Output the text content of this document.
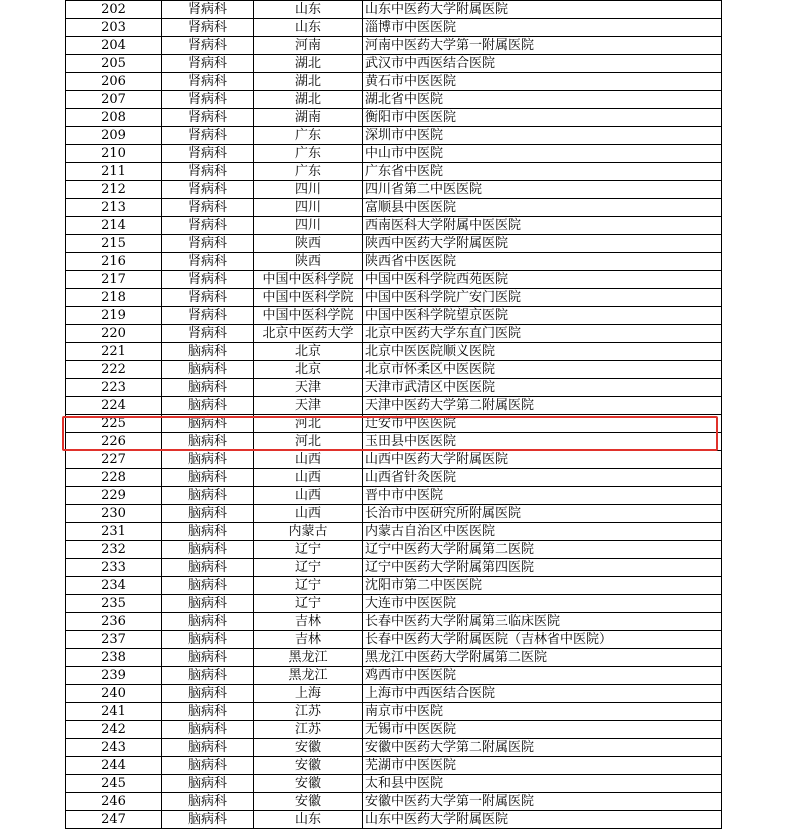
202	肾病科	山东	山东中医药大学附属医院
203	肾病科	山东	淄博市中医医院
204	肾病科	河南	河南中医药大学第一附属医院
205	肾病科	湖北	武汉市中西医结合医院
206	肾病科	湖北	黄石市中医医院
207	肾病科	湖北	湖北省中医院
208	肾病科	湖南	衡阳市中医医院
209	肾病科	广东	深圳市中医院
210	肾病科	广东	中山市中医院
211	肾病科	广东	广东省中医院
212	肾病科	四川	四川省第二中医医院
213	肾病科	四川	富顺县中医医院
214	肾病科	四川	西南医科大学附属中医医院
215	肾病科	陕西	陕西中医药大学附属医院
216	肾病科	陕西	陕西省中医医院
217	肾病科	中国中医科学院	中国中医科学院西苑医院
218	肾病科	中国中医科学院	中国中医科学院广安门医院
219	肾病科	中国中医科学院	中国中医科学院望京医院
220	肾病科	北京中医药大学	北京中医药大学东直门医院
221	脑病科	北京	北京中医医院顺义医院
222	脑病科	北京	北京市怀柔区中医医院
223	脑病科	天津	天津市武清区中医医院
224	脑病科	天津	天津中医药大学第二附属医院
225	脑病科	河北	迁安市中医医院
226	脑病科	河北	玉田县中医医院
227	脑病科	山西	山西中医药大学附属医院
228	脑病科	山西	山西省针灸医院
229	脑病科	山西	晋中市中医院
230	脑病科	山西	长治市中医研究所附属医院
231	脑病科	内蒙古	内蒙古自治区中医医院
232	脑病科	辽宁	辽宁中医药大学附属第二医院
233	脑病科	辽宁	辽宁中医药大学附属第四医院
234	脑病科	辽宁	沈阳市第二中医医院
235	脑病科	辽宁	大连市中医医院
236	脑病科	吉林	长春中医药大学附属第三临床医院
237	脑病科	吉林	长春中医药大学附属医院（吉林省中医院）
238	脑病科	黑龙江	黑龙江中医药大学附属第二医院
239	脑病科	黑龙江	鸡西市中医医院
240	脑病科	上海	上海市中西医结合医院
241	脑病科	江苏	南京市中医院
242	脑病科	江苏	无锡市中医医院
243	脑病科	安徽	安徽中医药大学第二附属医院
244	脑病科	安徽	芜湖市中医医院
245	脑病科	安徽	太和县中医院
246	脑病科	安徽	安徽中医药大学第一附属医院
247	脑病科	山东	山东中医药大学附属医院
